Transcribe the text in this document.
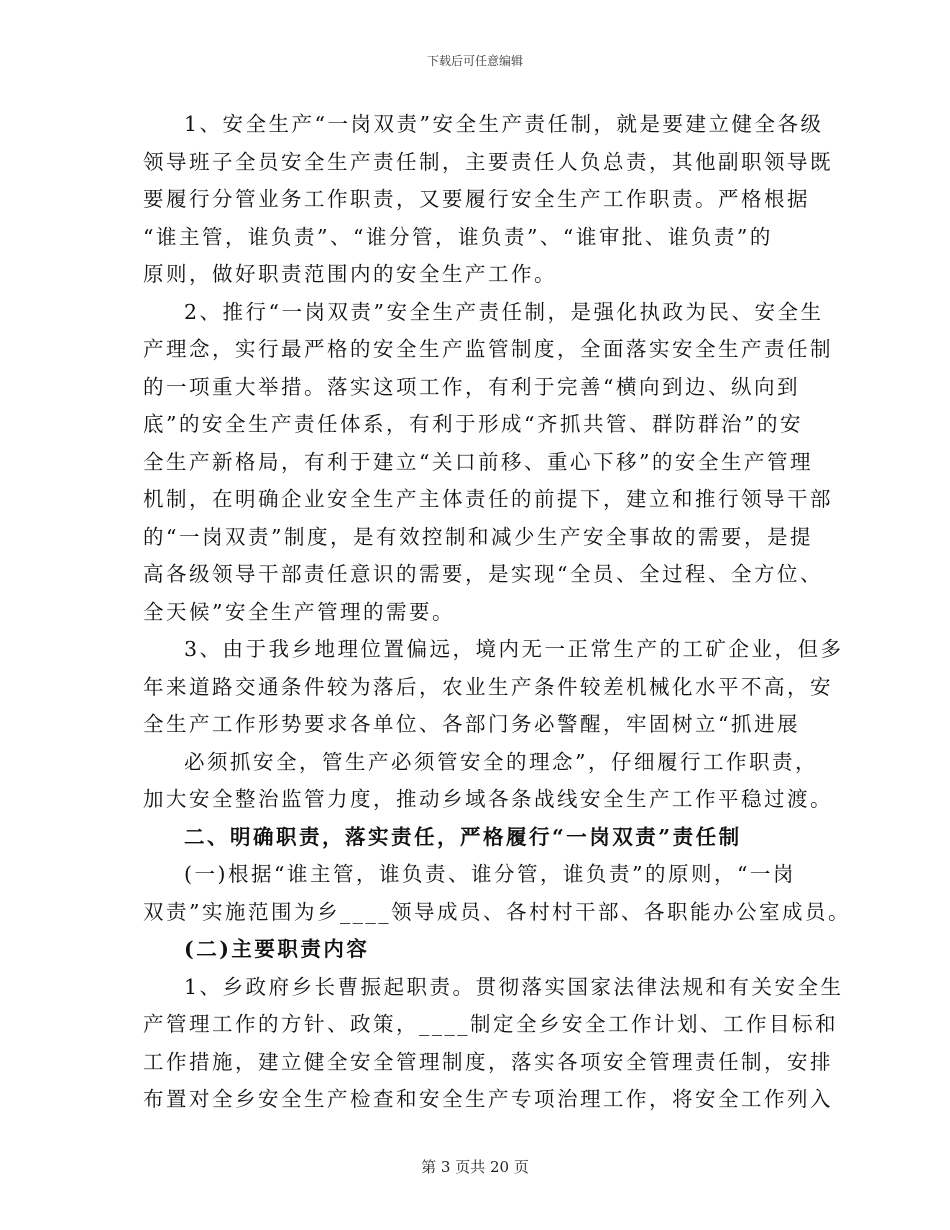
下载后可任意编辑

1、安全生产“一岗双责”安全生产责任制，就是要建立健全各级
领导班子全员安全生产责任制，主要责任人负总责，其他副职领导既
要履行分管业务工作职责，又要履行安全生产工作职责。严格根据
“谁主管，谁负责”、“谁分管，谁负责”、“谁审批、谁负责”的
原则，做好职责范围内的安全生产工作。

2、推行“一岗双责”安全生产责任制，是强化执政为民、安全生
产理念，实行最严格的安全生产监管制度，全面落实安全生产责任制
的一项重大举措。落实这项工作，有利于完善“横向到边、纵向到
底”的安全生产责任体系，有利于形成“齐抓共管、群防群治”的安
全生产新格局，有利于建立“关口前移、重心下移”的安全生产管理
机制，在明确企业安全生产主体责任的前提下，建立和推行领导干部
的“一岗双责”制度，是有效控制和减少生产安全事故的需要，是提
高各级领导干部责任意识的需要，是实现“全员、全过程、全方位、
全天候”安全生产管理的需要。

3、由于我乡地理位置偏远，境内无一正常生产的工矿企业，但多
年来道路交通条件较为落后，农业生产条件较差机械化水平不高，安
全生产工作形势要求各单位、各部门务必警醒，牢固树立“抓进展
必须抓安全，管生产必须管安全的理念”，仔细履行工作职责，
加大安全整治监管力度，推动乡域各条战线安全生产工作平稳过渡。

二、明确职责，落实责任，严格履行“一岗双责”责任制

(一)根据“谁主管，谁负责、谁分管，谁负责”的原则，“一岗
双责”实施范围为乡____领导成员、各村村干部、各职能办公室成员。

(二)主要职责内容

1、乡政府乡长曹振起职责。贯彻落实国家法律法规和有关安全生
产管理工作的方针、政策，____制定全乡安全工作计划、工作目标和
工作措施，建立健全安全管理制度，落实各项安全管理责任制，安排
布置对全乡安全生产检查和安全生产专项治理工作，将安全工作列入

第 3 页共 20 页
